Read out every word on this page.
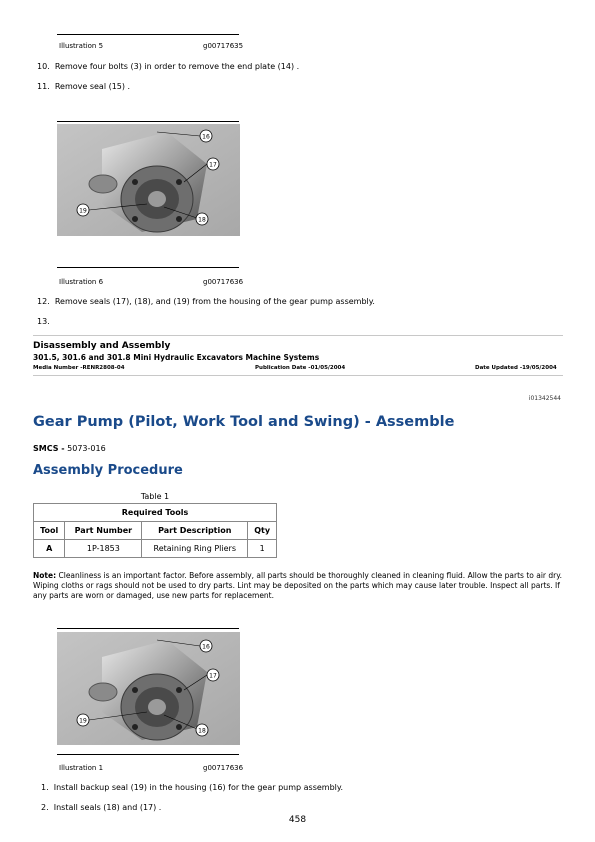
Illustration 5	g00717635
10. Remove four bolts (3) in order to remove the end plate (14) .
11. Remove seal (15) .
16
17
19
18
Illustration 6	g00717636
12. Remove seals (17), (18), and (19) from the housing of the gear pump assembly.
13.
Disassembly and Assembly
301.5, 301.6 and 301.8 Mini Hydraulic Excavators Machine Systems
Media Number -RENR2808-04	Publication Date -01/05/2004	Date Updated -19/05/2004
i01342544
Gear Pump (Pilot, Work Tool and Swing) - Assemble
SMCS - 5073-016
Assembly Procedure
Table 1
Required Tools			
Tool	Part Number	Part Description	Qty
A	1P-1853	Retaining Ring Pliers	1
Note: Cleanliness is an important factor. Before assembly, all parts should be thoroughly cleaned in cleaning fluid. Allow the parts to air dry. Wiping cloths or rags should not be used to dry parts. Lint may be deposited on the parts which may cause later trouble. Inspect all parts. If any parts are worn or damaged, use new parts for replacement.
16
17
19
18
Illustration 1	g00717636
1. Install backup seal (19) in the housing (16) for the gear pump assembly.
2. Install seals (18) and (17) .
458
